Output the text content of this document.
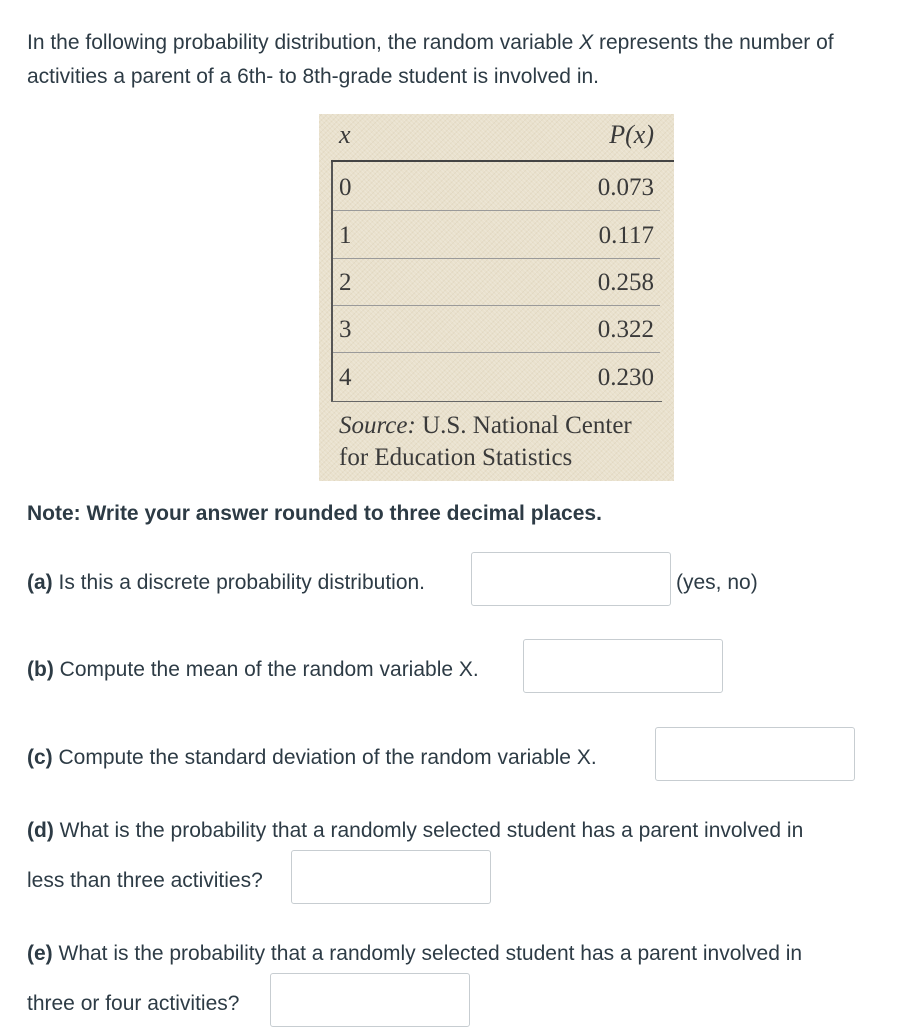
In the following probability distribution, the random variable X represents the number of activities a parent of a 6th- to 8th-grade student is involved in.

x	P(x)
0	0.073
1	0.117
2	0.258
3	0.322
4	0.230
Source: U.S. National Center
for Education Statistics

Note: Write your answer rounded to three decimal places.

(a) Is this a discrete probability distribution.	(yes, no)

(b) Compute the mean of the random variable X.

(c) Compute the standard deviation of the random variable X.

(d) What is the probability that a randomly selected student has a parent involved in
less than three activities?

(e) What is the probability that a randomly selected student has a parent involved in
three or four activities?
